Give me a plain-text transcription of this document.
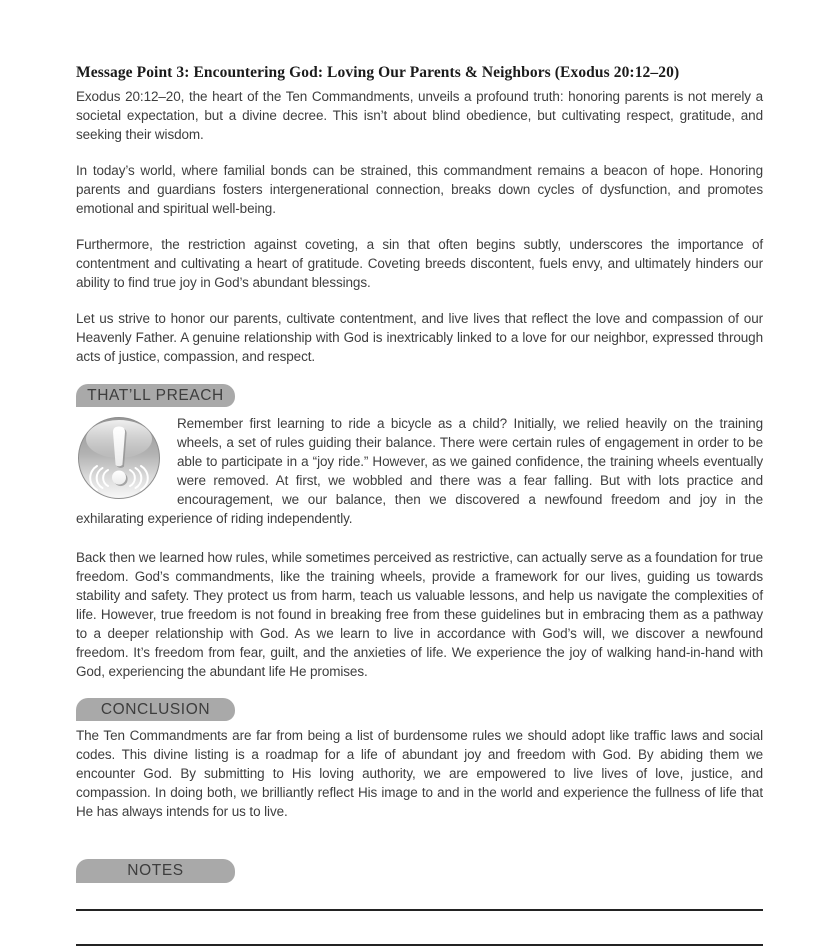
Message Point 3: Encountering God: Loving Our Parents & Neighbors (Exodus 20:12–20)

Exodus 20:12–20, the heart of the Ten Commandments, unveils a profound truth: honoring parents is not merely a societal expectation, but a divine decree. This isn’t about blind obedience, but cultivating respect, gratitude, and seeking their wisdom.

In today’s world, where familial bonds can be strained, this commandment remains a beacon of hope. Honoring parents and guardians fosters intergenerational connection, breaks down cycles of dysfunction, and promotes emotional and spiritual well-being.

Furthermore, the restriction against coveting, a sin that often begins subtly, underscores the importance of contentment and cultivating a heart of gratitude. Coveting breeds discontent, fuels envy, and ultimately hinders our ability to find true joy in God’s abundant blessings.

Let us strive to honor our parents, cultivate contentment, and live lives that reflect the love and compassion of our Heavenly Father. A genuine relationship with God is inextricably linked to a love for our neighbor, expressed through acts of justice, compassion, and respect.

THAT’LL PREACH

Remember first learning to ride a bicycle as a child? Initially, we relied heavily on the training wheels, a set of rules guiding their balance. There were certain rules of engagement in order to be able to participate in a “joy ride.” However, as we gained confidence, the training wheels eventually were removed. At first, we wobbled and there was a fear falling. But with lots practice and encouragement, we our balance, then we discovered a newfound freedom and joy in the exhilarating experience of riding independently.

Back then we learned how rules, while sometimes perceived as restrictive, can actually serve as a foundation for true freedom. God’s commandments, like the training wheels, provide a framework for our lives, guiding us towards stability and safety. They protect us from harm, teach us valuable lessons, and help us navigate the complexities of life. However, true freedom is not found in breaking free from these guidelines but in embracing them as a pathway to a deeper relationship with God. As we learn to live in accordance with God’s will, we discover a newfound freedom. It’s freedom from fear, guilt, and the anxieties of life. We experience the joy of walking hand-in-hand with God, experiencing the abundant life He promises.

CONCLUSION

The Ten Commandments are far from being a list of burdensome rules we should adopt like traffic laws and social codes. This divine listing is a roadmap for a life of abundant joy and freedom with God. By abiding them we encounter God. By submitting to His loving authority, we are empowered to live lives of love, justice, and compassion. In doing both, we brilliantly reflect His image to and in the world and experience the fullness of life that He has always intends for us to live.

NOTES
